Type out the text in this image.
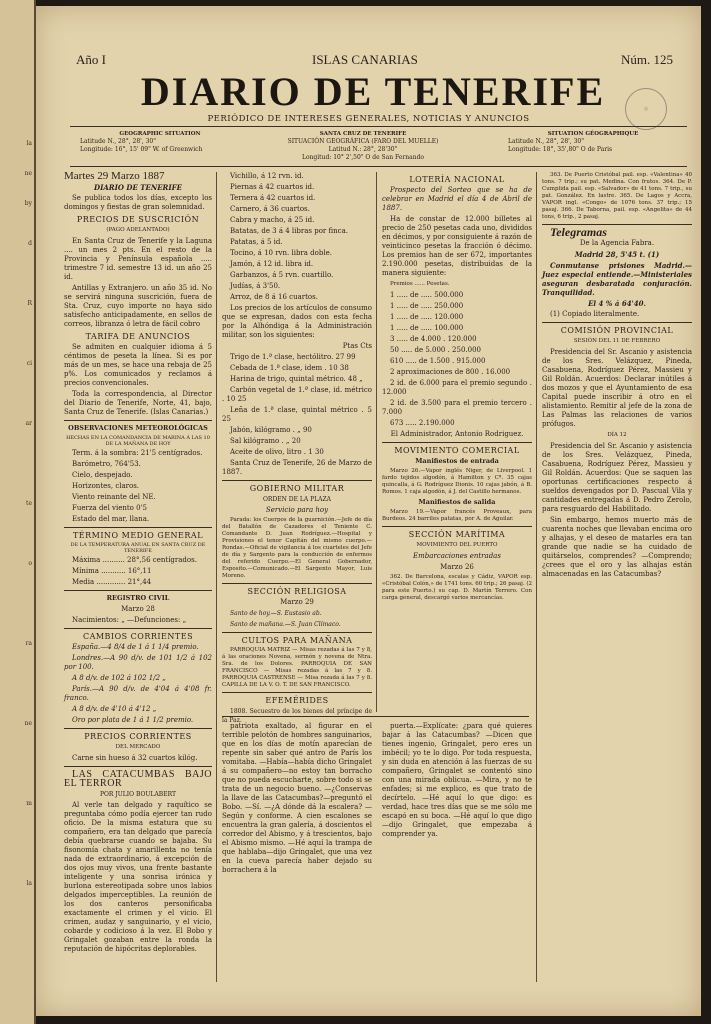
la
ne
by
d
R
ci
ar
te
o
ra
ne
m
la
Año I	ISLAS CANARIAS	Núm. 125
DIARIO DE TENERIFE	◎
PERIÓDICO DE INTERESES GENERALES, NOTICIAS Y ANUNCIOS
GEOGRAPHIC SITUATION
Latitude N., 28°, 28', 30"
Longitude: 16°, 15' 09" W. of Greenwich
SANTA CRUZ DE TENERIFE
SITUACIÓN GEOGRÁFICA (FARO DEL MUELLE)
Latitud N.: 28°, 28'30"
Longitud: 10° 2',50" O de San Fernando
SITUATION GÉOGRAPHIQUE
Latitude N., 28°, 28', 30"
Longitude: 18°, 35',80" O de Paris

Martes 29 Marzo 1887

DIARIO DE TENERIFE

Se publica todos los días, excepto los domingos y fiestas de gran solemnidad.

PRECIOS DE SUSCRICIÓN

(PAGO ADELANTADO)

En Santa Cruz de Tenerife y la Laguna .... un mes 2 pts. En el resto de la Provincia y Península española ..... trimestre 7 id. semestre 13 id. un año 25 id.

Antillas y Extranjero. un año 35 id. No se servirá ninguna suscrición, fuera de Sta. Cruz, cuyo importe no haya sido satisfecho anticipadamente, en sellos de correos, libranza ó letra de fácil cobro

TARIFA DE ANUNCIOS

Se admiten en cualquier idioma á 5 céntimos de peseta la línea. Si es por más de un mes, se hace una rebaja de 25 p%. Los comunicados y reclamos á precios convencionales.

Toda la correspondencia, al Director del Diario de Tenerife, Norte, 41, bajo, Santa Cruz de Tenerife. (Islas Canarias.)

OBSERVACIONES METEOROLÓGICAS

HECHAS EN LA COMANDANCIA DE MARINA Á LAS 10 DE LA MAÑANA DE HOY

Term. á la sombra: 21'5 centígrados.

Barómetro, 764'53.

Cielo, despejado.

Horizontes, claros.

Viento reinante del NE.

Fuerza del viento 0'5

Estado del mar, llana.

TÉRMINO MEDIO GENERAL

DE LA TEMPERATURA ANUAL EN SANTA CRUZ DE TENERIFE

Máxima .......... 28°,56 centígrados.

Mínima ........... 16°,11

Media ............. 21°,44

REGISTRO CIVIL

Marzo 28

Nacimientos: „ —Defunciones: „

CAMBIOS CORRIENTES

España.—4 8/4 de 1 á 1 1/4 premio.

Londres.—A 90 d/v. de 101 1/2 á 102 por 100.

A 8 d/v. de 102 á 102 1/2 „

París.—A 90 d/v. de 4'04 á 4'08 fr. franco.

A 8 d/v. de 4'10 á 4'12 „

Oro por plata de 1 á 1 1/2 premio.

PRECIOS CORRIENTES

DEL MERCADO

Carne sin hueso á 32 cuartos kilóg.

LAS CATACUMBAS BAJO EL TERROR

POR JULIO BOULABERT

Al verle tan delgado y raquítico se preguntaba cómo podía ejercer tan rudo oficio. De la misma estatura que su compañero, era tan delgado que parecía debía quebrarse cuando se bajaba. Su fisonomía chata y amarillenta no tenía nada de extraordinario, á excepción de dos ojos muy vivos, una frente bastante inteligente y una sonrisa irónica y burlona estereotipada sobre unos labios delgados imperceptibles. La reunión de los dos canteros personificaba exactamente el crimen y el vicio. El crimen, audaz y sanguinario, y el vicio, cobarde y codicioso á la vez. El Bobo y Gringalet gozaban entre la ronda la reputación de hipócritas deplorables.

Vichillo, á 12 rvn. id.

Piernas á 42 cuartos id.

Ternera á 42 cuartos id.

Carnero, á 36 cuartos.

Cabra y macho, á 25 id.

Batatas, de 3 á 4 libras por finca.

Patatas, á 5 id.

Tocino, á 10 rvn. libra doble.

Jamón, á 12 id. libra id.

Garbanzos, á 5 rvn. cuartillo.

Judías, á 3'50.

Arroz, de 8 á 16 cuartos.

Los precios de los artículos de consumo que se expresan, dados con esta fecha por la Alhóndiga á la Administración militar, son los siguientes:

Ptas Cts

Trigo de 1.ª clase, hectólitro. 27 99

Cebada de 1.ª clase, idem . 10 38

Harina de trigo, quintal métrico. 48 „

Carbón vegetal de 1.ª clase, id. métrico . 10 25

Leña de 1.ª clase, quintal métrico . 5 25

Jabón, kilógramo . „ 90

Sal kilógramo . „ 20

Aceite de olivo, litro . 1 30

Santa Cruz de Tenerife, 26 de Marzo de 1887.

GOBIERNO MILITAR

ORDEN DE LA PLAZA

Servicio para hoy

Parada: los Cuerpos de la guarnición.—Jefe de día del Batallón de Cazadores el Teniente C. Comandante D. Juan Rodríguez.—Hospital y Provisiones el tenor Capitán del mismo cuerpo.—Rondas.—Oficial de vigilancia á los cuarteles del Jefe de día y Sargento para la conducción de enfermos del referido Cuerpo.—El General Gobernador, Esposito.—Comunicado.—El Sargento Mayor, Luis Moreno.

SECCIÓN RELIGIOSA

Marzo 29

Santo de hoy.—S. Eustasio ab.

Santo de mañana.—S. Juan Clímaco.

CULTOS PARA MAÑANA

PARROQUIA MATRIZ — Misas rezadas á las 7 y 8, á las oraciones Novena, sermón y novena de Ntra. Sra. de los Dolores. PARROQUIA DE SAN FRANCISCO — Misas rezadas á las 7 y 8. PARROQUIA CASTRENSE — Misa rezada á las 7 y 8. CAPILLA DE LA V. O. T. DE SAN FRANCISCO.

EFEMÉRIDES

1808. Secuestro de los bienes del príncipe de la Paz.

LOTERÍA NACIONAL

Prospecto del Sorteo que se ha de celebrar en Madrid el día 4 de Abril de 1887.

Ha de constar de 12.000 billetes al precio de 250 pesetas cada uno, divididos en décimos, y por consiguiente á razón de veinticinco pesetas la fracción ó décimo. Los premios han de ser 672, importantes 2.190.000 pesetas, distribuidas de la manera siguiente:

Premios ...... Pesetas.

1 ..... de ..... 500.000

1 ..... de ..... 250.000

1 ..... de ..... 120.000

1 ..... de ..... 100.000

3 ..... de 4.000 . 120.000

50 ..... de 5.000 . 250.000

610 ..... de 1.500 . 915.000

2 aproximaciones de 800 . 16.000

2 id. de 6.000 para el premio segundo . 12.000

2 id. de 3.500 para el premio tercero . 7.000

673 ..... 2.190.000

El Administrador, Antonio Rodriguez.

MOVIMIENTO COMERCIAL
Manifiestos de entrada

Marzo 26.—Vapor inglés Niger, de Liverpool. 1 fardo tejidos algodón, á Hamilton y Cª. 35 cajas quincalla, á G. Rodríguez Dionis. 10 cajas jabón, á B. Romos. 1 caja algodón, á J. del Castillo hermanos.

Manifiestos de salida

Marzo 19.—Vapor francés Proveaux, para Burdeos. 24 barriles patatas, por A. de Aguilar.

SECCIÓN MARÍTIMA

MOVIMIENTO DEL PUERTO

Embarcaciones entradas

Marzo 26

362. De Barcelona, escalas y Cádiz, VAPOR esp. «Cristóbal Colón,» de 1741 tons. 60 trip.; 26 pasaj. (2 para este Puerto.) su cap. D. Martín Terrero. Con carga general, descargó varios mercancías.

363. De Puerto Cristóbal pail. esp. «Valentina» 40 tons. 7 trip.; su pat. Medina. Con frutos. 364. De P. Cumplida pail. esp. «Salvador» de 41 tons. 7 trip., su pat. González. En lastre. 365. De Lagos y Accra, VAPOR ingl. «Congo» de 1076 tons. 37 trip.; 15 pasaj. 366. De Taborna, pail. esp. «Angelita» de 44 tons, 6 trip., 2 pasaj.

Telegramas

De la Agencia Fabra.

Madrid 28, 5'45 t. (1)

Conmutanse prisiones Madrid.—Juez especial entiende.—Ministeriales aseguran desbaratada conjuración. Tranquilidad.

El 4 % á 64'40.

(1) Copiado literalmente.

COMISIÓN PROVINCIAL

SESIÓN DEL 11 DE FEBRERO

Presidencia del Sr. Ascanio y asistencia de los Sres. Velázquez, Pineda, Casabuena, Rodríguez Pérez, Massieu y Gil Roldán. Acuerdos: Declarar inútiles á dos mozos y que el Ayuntamiento de esa Capital puede inscribir á otro en el alistamiento. Remitir al jefe de la zona de Las Palmas las relaciones de varios prófugos.

DÍA 12

Presidencia del Sr. Ascanio y asistencia de los Sres. Velázquez, Pineda, Casabuena, Rodríguez Pérez, Massieu y Gil Roldán. Acuerdos: Que se saquen las oportunas certificaciones respecto á sueldos devengados por D. Pascual Vila y cantidades entregadas á D. Pedro Zerolo, para resguardo del Habilitado.

Sin embargo, hemos muerto más de cuarenta noches que llevaban encima oro y alhajas, y el deseo de matarles era tan grande que nadie se ha cuidado de quitárselos, comprendes? —Comprendo; ¿crees que el oro y las alhajas están almacenadas en las Catacumbas?

patriota exaltado, al figurar en el terrible pelotón de hombres sanguinarios, que en los días de motín aparecían de repente sin saber qué antro de París los vomitaba. —Había—había dicho Gringalet á su compañero—no estoy tan borracho que no pueda escucharte, sobre todo si se trata de un negocio bueno. —¿Conservas la llave de las Catacumbas?—preguntó el Bobo. —Sí. —¿A dónde dá la escalera? —Según y conforme. A cien escalones se encuentra la gran galería, á doscientos el corredor del Abismo, y á trescientos, bajo el Abismo mismo. —Hé aquí la trampa de que hablaba—dijo Gringalet, que una vez en la cueva parecía haber dejado su borrachera á la

puerta.—Explícate: ¿para qué quieres bajar á las Catacumbas? —Dicen que tienes ingenio, Gringalet, pero eres un imbécil; yo te lo digo. Por toda respuesta, y sin duda en atención á las fuerzas de su compañero, Gringalet se contentó sino con una mirada oblicua. —Mira, y no te enfades; si me explico, es que trato de decírtelo. —Hé aquí lo que digo: es verdad, hace tres días que se me sólo me escapó en su boca. —Hé aquí lo que digo—dijo Gringalet, que empezaba á comprender ya.
